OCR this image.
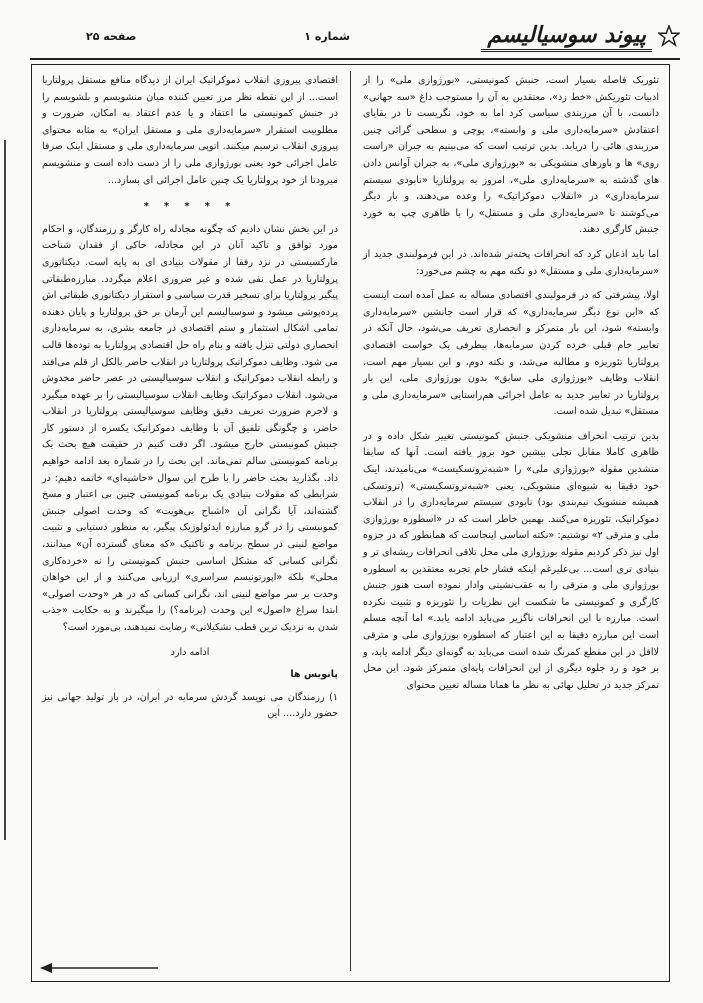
پیوند سوسیالیسم
شماره ۱
صفحه ۲۵

تئوریک فاصله بسیار است، جنبش کمونیستی، «بورژوازی ملی» را از ادبیات تئوریکش «خط زد»، معتقدین به آن را مستوجب داغ «سه جهانی» دانست، با آن مرزبندی سیاسی کرد اما به خود، نگریست تا در بقایای اعتقادش «سرمایه‌داری ملی و وابسته»، پوچی و سطحی گرائی چنین مرزبندی هائی را دریابد. بدین ترتیب است که می‌بینیم به جبران «راست روی» ها و باورهای منشویکی به «بورژوازی ملی»، به جبران آوانس دادن های گذشته به «سرمایه‌داری ملی»، امروز به پرولتاریا «نابودی سیستم سرمایه‌داری» در «انقلاب دموکراتیک» را وعده می‌دهند، و بار دیگر می‌کوشند تا «سرمایه‌داری ملی و مستقل» را با ظاهری چپ به خورد جنبش کارگری دهند.

اما باید اذعان کرد که انحرافات پخته‌تر شده‌اند. در این فرمولبندی جدید از «سرمایه‌داری ملی و مستقل» دو نکته مهم به چشم می‌خورد:

اولا، پیشرفتی که در فرمولبندی اقتصادی مساله به عمل آمده است اینست که «این نوع دیگر سرمایه‌داری» که قرار است جانشین «سرمایه‌داری وابسته» شود، این بار متمرکز و انحصاری تعریف می‌شود، حال آنکه در تعابیر خام قبلی خرده کردن سرمایه‌ها، بیطرفی یک خواست اقتصادی پرولتاریا تئوریزه و مطالبه می‌شد، و نکته دوم، و این بسیار مهم است، انقلاب وظایف «بورژوازی ملی سابق» بدون بورژوازی ملی، این بار پرولتاریا در تعابیر جدید به عامل اجرائی هم‌راستایی «سرمایه‌داری ملی و مستقل» تبدیل شده است.

بدین ترتیب انحراف منشویکی جنبش کمونیستی تغییر شکل داده و در ظاهری کاملا مقابل تجلی بیشین خود بروز یافته است. آنها که سابقا متشدین مقوله «بورژوازی ملی» را «شبه‌تروتسکیست» می‌نامیدند، اینک خود دقیقا به شیوه‌ای منشویکی، یعنی «شبه‌تروتسکیستی» (تروتسکی همیشه منشویک نیم‌بندی بود) نابودی سیستم سرمایه‌داری را در انقلاب دموکراتیک، تئوریزه می‌کنند. بهمین خاطر است که در «اسطوره بورژوازی ملی و مترقی ۲» نوشتیم: «نکته اساسی اینجاست که همانطور که در جزوه اول نیز ذکر کردیم مقوله بورژوازی ملی محل تلاقی انحرافات ریشه‌ای تر و بنیادی تری است... بی‌علیرغم اینکه فشار خام تجربه معتقدین به اسطوره بورژوازی ملی و مترقی را به عقب‌نشینی وادار نموده است هنوز جنبش کارگری و کمونیستی ما شکست این نظریات را تئوریزه و تثبیت نکرده است. مبارزه با این انحرافات ناگزیر می‌باید ادامه یابد.» اما آنچه مسلم است این مبارزه دقیقا به این اعتبار که اسطوره بورژوازی ملی و مترقی لااقل در این مقطع کمرنگ شده است می‌باید به گونه‌ای دیگر ادامه یابد، و بر خود و رد جلوه دیگری از این انحرافات پایه‌ای متمرکز شود. این محل تمرکز جدید در تحلیل نهائی به نظر ما همانا مساله تعیین محتوای

اقتصادی پیروزی انقلاب دموکراتیک ایران از دیدگاه منافع مستقل پرولتاریا است... از این نقطه نظر مرز تعیین کننده میان منشویسم و بلشویسم را در جنبش کمونیستی ما اعتقاد و یا عدم اعتقاد به امکان، ضرورت و مطلوبیت استقرار «سرمایه‌داری ملی و مستقل ایران» به مثابه محتوای پیروزی انقلاب ترسیم میکنند. اتوپی سرمایه‌داری ملی و مستقل اینک صرفا عامل اجرائی خود یعنی بورژوازی ملی را از دست داده است و منشویسم میرودتا از خود پرولتاریا یک چنین عامل اجرائی ای بسازد...

* * * * *

در این بخش نشان دادیم که چگونه مجادله راه کارگر و رزمندگان، و احکام مورد توافق و تاکید آنان در این مجادله، حاکی از فقدان شناخت مارکسیستی در نزد رفقا از مقولات بنیادی ای به پایه است. دیکتاتوری پرولتاریا در عمل نفی شده و غیر ضروری اعلام میگردد. مبارزه‌طبقاتی پیگیر پرولتاریا برای تسخیر قدرت سیاسی و استقرار دیکتاتوری طبقاتی اش پرده‌پوشی میشود و سوسیالیسم این آرمان بر حق پرولتاریا و پایان دهنده تمامی اشکال استثمار و ستم اقتصادی در جامعه بشری، به سرمایه‌داری انحصاری دولتی تنزل یافته و بنام راه حل اقتصادی پرولتاریا به توده‌ها قالب می شود. وظایف دموکراتیک پرولتاریا در انقلاب حاضر بالکل از قلم می‌افتد و رابطه انقلاب دموکراتیک و انقلاب سوسیالیستی در عصر حاضر مخدوش می‌شود. انقلاب دموکراتیک وظایف انقلاب سوسیالیستی را بر عهده میگیرد و لاجرم ضرورت تعریف دقیق وظایف سوسیالیستی پرولتاریا در انقلاب حاضر، و چگونگی تلفیق آن با وظایف دموکراتیک یکسره از دستور کار جنبش کمونیستی خارج میشود. اگر دقت کنیم در حقیقت هیچ بحث یک برنامه کمونیستی سالم نمی‌ماند. این بحث را در شماره بعد ادامه خواهیم داد. بگذارید بحث حاضر را با طرح این سوال «حاشیه‌ای» خاتمه دهیم: در شرایطی که مقولات بنیادی یک برنامه کمونیستی چنین بی اعتبار و مسخ گشته‌اند، آیا نگرانی آن «اشباح بی‌هویت» که وحدت اصولی جنبش کمونیستی را در گرو مبارزه ایدئولوژیک پیگیر، به منظور دستیابی و تثبیت مواضع لنینی در سطح برنامه و تاکتیک «که معنای گسترده آن» میدانند، نگرانی کسانی که مشکل اساسی جنبش کمونیستی را نه «خرده‌کاری محلی» بلکه «اپورتونیسم سراسری» ارزیابی می‌کنند و از این خواهان وحدت بر سر مواضع لنینی اند، نگرانی کسانی که در هر «وحدت اصولی» ابتدا سراغ «اصول» این وحدت (برنامه؟) را میگیرند و به حکایت «جذب شدن به نزدیک ترین قطب تشکیلاتی» رضایت نمیدهند، بی‌مورد است؟

ادامه دارد

پانویس ها

۱) رزمندگان می نویسد گردش سرمایه در ایران، در باز تولید جهانی نیز حضور دارد.... این
